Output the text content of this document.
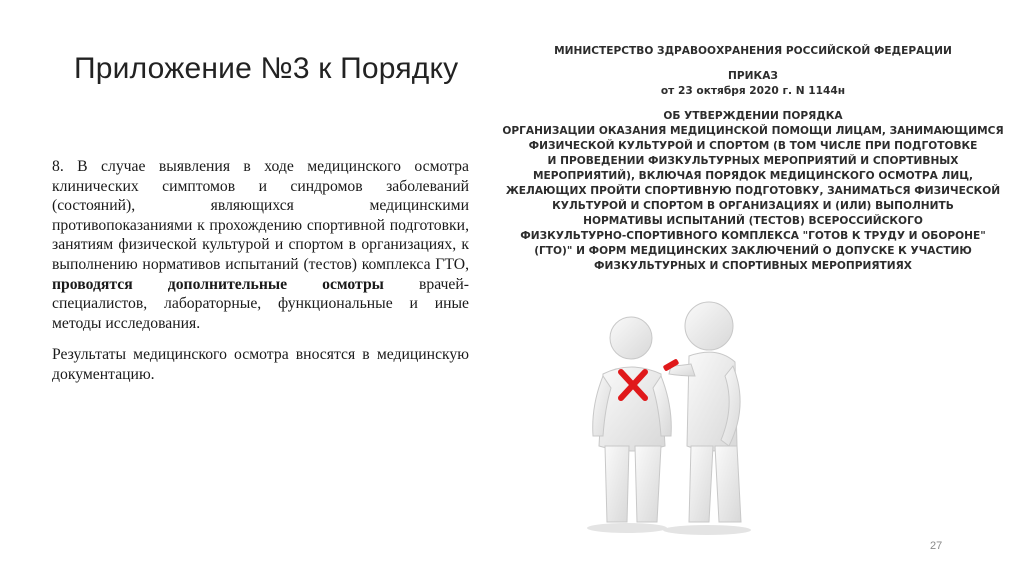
Приложение №3 к Порядку

8. В случае выявления в ходе медицинского осмотра клинических симптомов и синдромов заболеваний (состояний), являющихся медицинскими противопоказаниями к прохождению спортивной подготовки, занятиям физической культурой и спортом в организациях, к выполнению нормативов испытаний (тестов) комплекса ГТО, проводятся дополнительные осмотры врачей-специалистов, лабораторные, функциональные и иные методы исследования.

Результаты медицинского осмотра вносятся в медицинскую документацию.

МИНИСТЕРСТВО ЗДРАВООХРАНЕНИЯ РОССИЙСКОЙ ФЕДЕРАЦИИ
ПРИКАЗ
от 23 октября 2020 г. N 1144н
ОБ УТВЕРЖДЕНИИ ПОРЯДКА
ОРГАНИЗАЦИИ ОКАЗАНИЯ МЕДИЦИНСКОЙ ПОМОЩИ ЛИЦАМ, ЗАНИМАЮЩИМСЯ
ФИЗИЧЕСКОЙ КУЛЬТУРОЙ И СПОРТОМ (В ТОМ ЧИСЛЕ ПРИ ПОДГОТОВКЕ
И ПРОВЕДЕНИИ ФИЗКУЛЬТУРНЫХ МЕРОПРИЯТИЙ И СПОРТИВНЫХ
МЕРОПРИЯТИЙ), ВКЛЮЧАЯ ПОРЯДОК МЕДИЦИНСКОГО ОСМОТРА ЛИЦ,
ЖЕЛАЮЩИХ ПРОЙТИ СПОРТИВНУЮ ПОДГОТОВКУ, ЗАНИМАТЬСЯ ФИЗИЧЕСКОЙ
КУЛЬТУРОЙ И СПОРТОМ В ОРГАНИЗАЦИЯХ И (ИЛИ) ВЫПОЛНИТЬ
НОРМАТИВЫ ИСПЫТАНИЙ (ТЕСТОВ) ВСЕРОССИЙСКОГО
ФИЗКУЛЬТУРНО-СПОРТИВНОГО КОМПЛЕКСА "ГОТОВ К ТРУДУ И ОБОРОНЕ"
(ГТО)" И ФОРМ МЕДИЦИНСКИХ ЗАКЛЮЧЕНИЙ О ДОПУСКЕ К УЧАСТИЮ
ФИЗКУЛЬТУРНЫХ И СПОРТИВНЫХ МЕРОПРИЯТИЯХ
27
